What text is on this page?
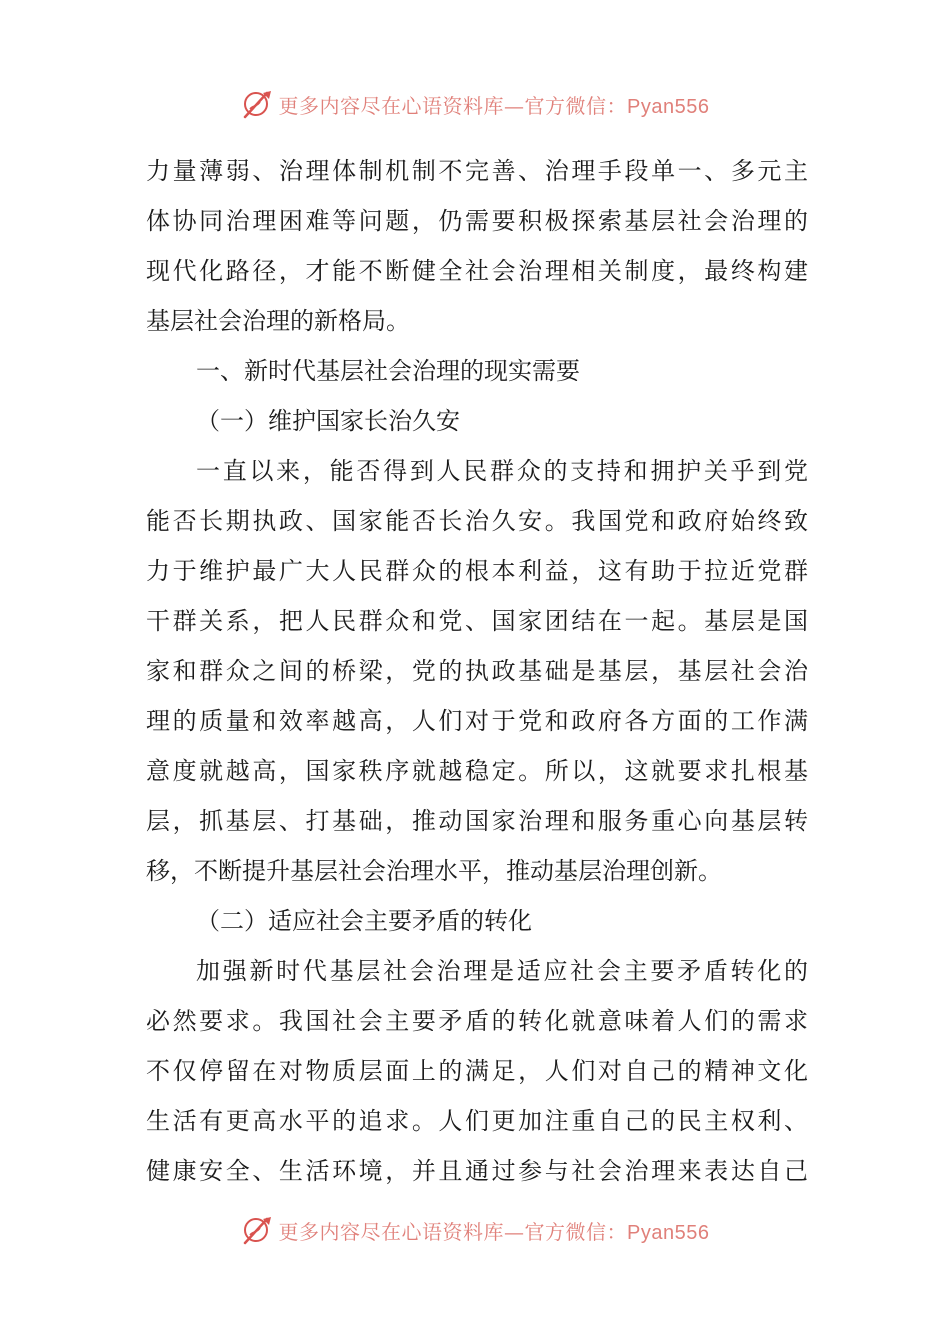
更多内容尽在心语资料库—官方微信：Pyan556
力量薄弱、治理体制机制不完善、治理手段单一、多元主
体协同治理困难等问题，仍需要积极探索基层社会治理的
现代化路径，才能不断健全社会治理相关制度，最终构建
基层社会治理的新格局。
一、新时代基层社会治理的现实需要
（一）维护国家长治久安
一直以来，能否得到人民群众的支持和拥护关乎到党
能否长期执政、国家能否长治久安。我国党和政府始终致
力于维护最广大人民群众的根本利益，这有助于拉近党群
干群关系，把人民群众和党、国家团结在一起。基层是国
家和群众之间的桥梁，党的执政基础是基层，基层社会治
理的质量和效率越高，人们对于党和政府各方面的工作满
意度就越高，国家秩序就越稳定。所以，这就要求扎根基
层，抓基层、打基础，推动国家治理和服务重心向基层转
移，不断提升基层社会治理水平，推动基层治理创新。
（二）适应社会主要矛盾的转化
加强新时代基层社会治理是适应社会主要矛盾转化的
必然要求。我国社会主要矛盾的转化就意味着人们的需求
不仅停留在对物质层面上的满足，人们对自己的精神文化
生活有更高水平的追求。人们更加注重自己的民主权利、
健康安全、生活环境，并且通过参与社会治理来表达自己
更多内容尽在心语资料库—官方微信：Pyan556
